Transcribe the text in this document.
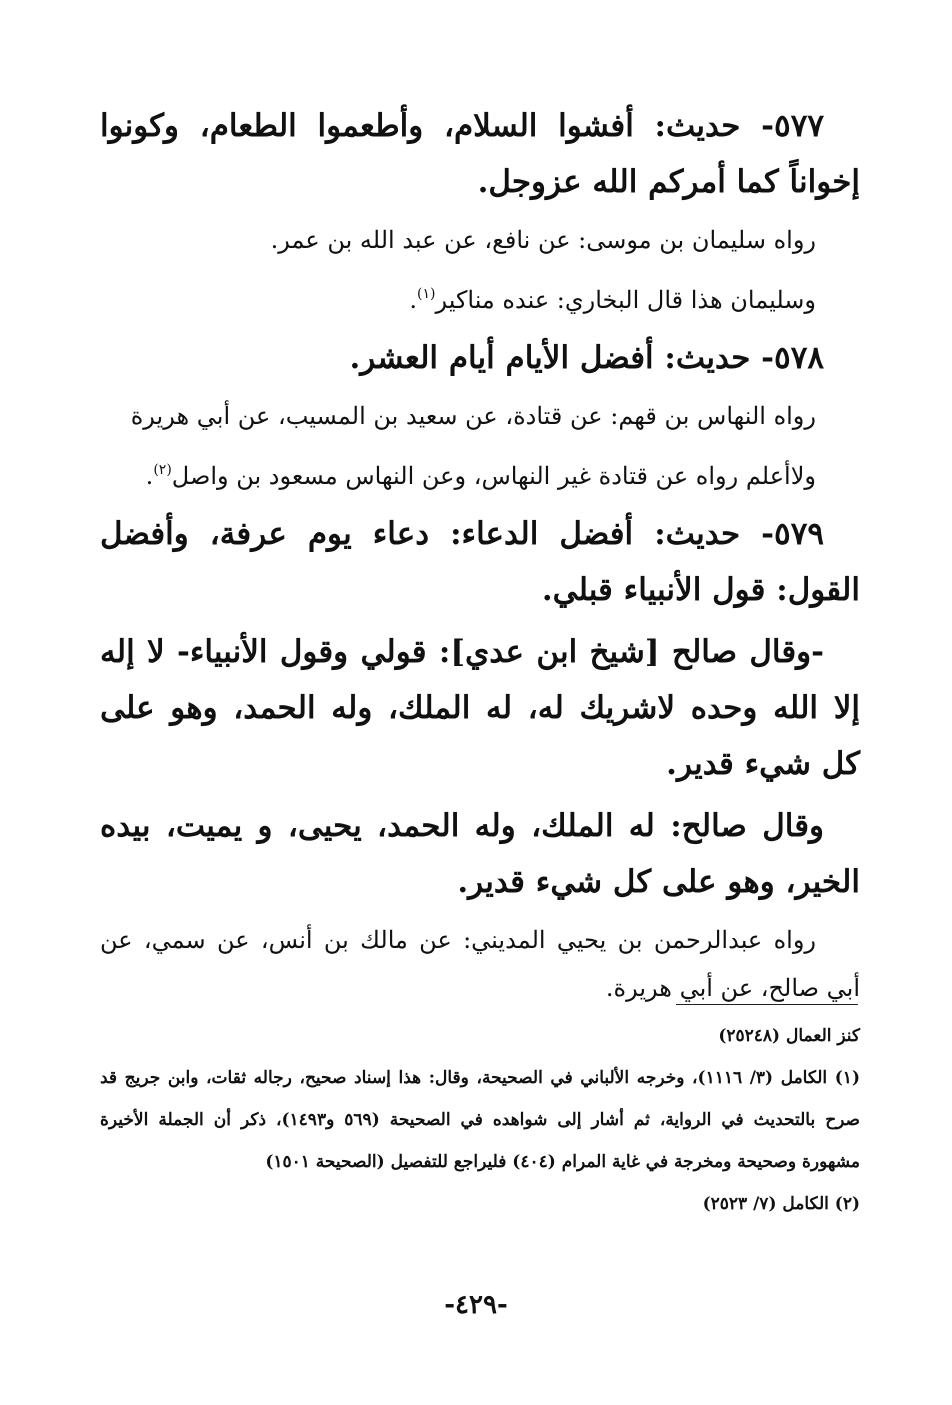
٥٧٧- حديث: أفشوا السلام، وأطعموا الطعام، وكونوا إخواناً كما أمركم الله عزوجل.

رواه سليمان بن موسى: عن نافع، عن عبد الله بن عمر.

وسليمان هذا قال البخاري: عنده مناكير$^{(١)}$.

٥٧٨- حديث: أفضل الأيام أيام العشر.

رواه النهاس بن قهم: عن قتادة، عن سعيد بن المسيب، عن أبي هريرة

ولاأعلم رواه عن قتادة غير النهاس، وعن النهاس مسعود بن واصل$^{(٢)}$.

٥٧٩- حديث: أفضل الدعاء: دعاء يوم عرفة، وأفضل القول: قول الأنبياء قبلي.

-وقال صالح [شيخ ابن عدي]: قولي وقول الأنبياء- لا إله إلا الله وحده لاشريك له، له الملك، وله الحمد، وهو على كل شيء قدير.

وقال صالح: له الملك، وله الحمد، يحيى، و يميت، بيده الخير، وهو على كل شيء قدير.

رواه عبدالرحمن بن يحيي المديني: عن مالك بن أنس، عن سمي، عن أبي صالح، عن أبي هريرة.

كنز العمال (٢٥٢٤٨)

(١) الكامل (٣/ ١١١٦)، وخرجه الألباني في الصحيحة، وقال: هذا إسناد صحيح، رجاله ثقات، وابن جريج قد صرح بالتحديث في الرواية، ثم أشار إلى شواهده في الصحيحة (٥٦٩ و١٤٩٣)، ذكر أن الجملة الأخيرة مشهورة وصحيحة ومخرجة في غاية المرام (٤٠٤) فليراجع للتفصيل (الصحيحة ١٥٠١)

(٢) الكامل (٧/ ٢٥٢٣)

-٤٢٩-
